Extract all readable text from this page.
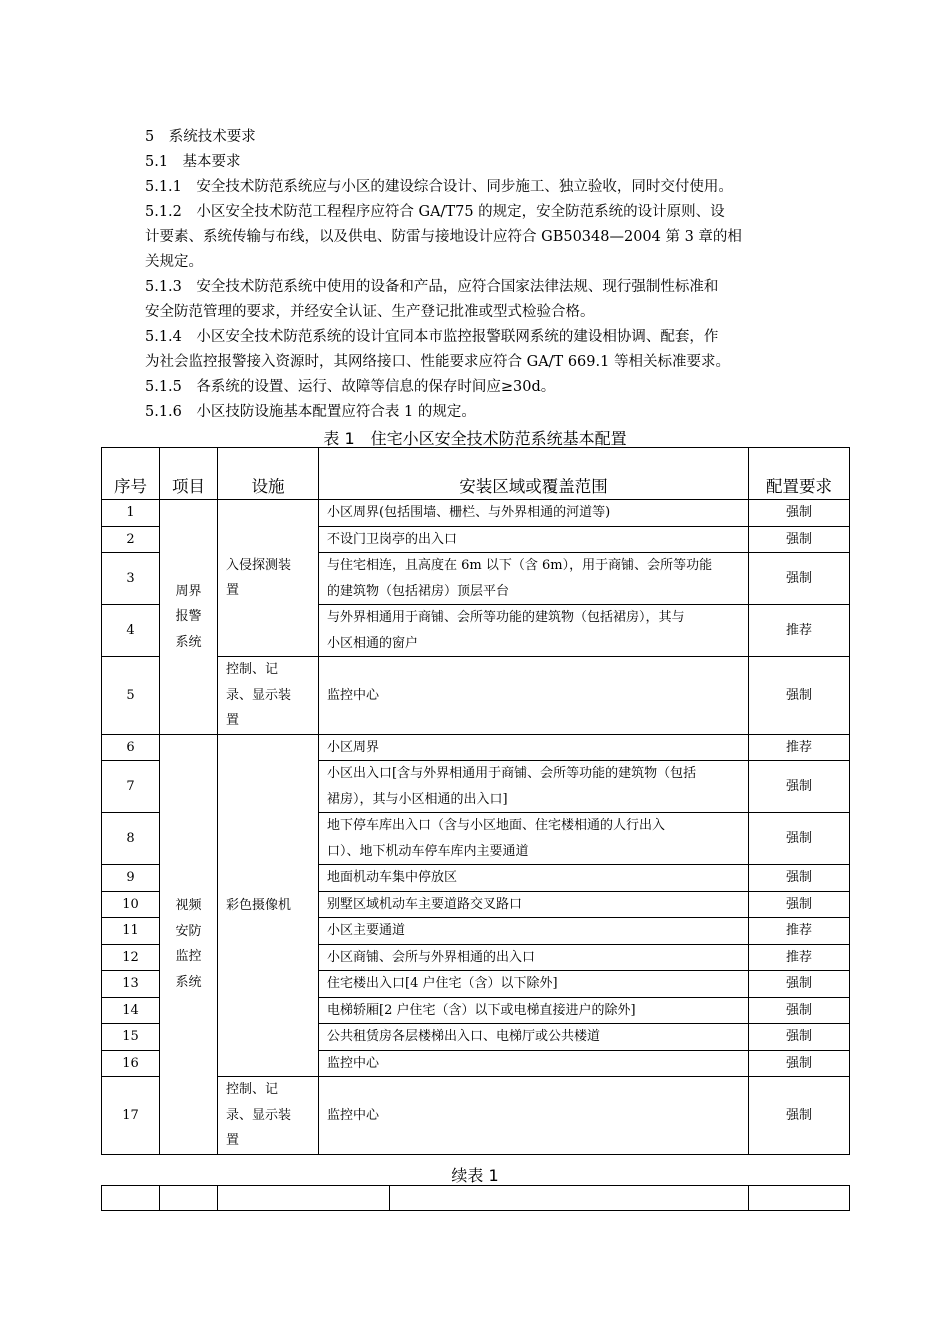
5　系统技术要求
5.1　基本要求
5.1.1　安全技术防范系统应与小区的建设综合设计、同步施工、独立验收，同时交付使用。
5.1.2　小区安全技术防范工程程序应符合 GA/T75 的规定，安全防范系统的设计原则、设
计要素、系统传输与布线，以及供电、防雷与接地设计应符合 GB50348—2004 第 3 章的相
关规定。
5.1.3　安全技术防范系统中使用的设备和产品，应符合国家法律法规、现行强制性标准和
安全防范管理的要求，并经安全认证、生产登记批准或型式检验合格。
5.1.4　小区安全技术防范系统的设计宜同本市监控报警联网系统的建设相协调、配套，作
为社会监控报警接入资源时，其网络接口、性能要求应符合 GA/T 669.1 等相关标准要求。
5.1.5　各系统的设置、运行、故障等信息的保存时间应≥30d。
5.1.6　小区技防设施基本配置应符合表 1 的规定。
表 1　住宅小区安全技术防范系统基本配置
序号	项目	设施	安装区域或覆盖范围	配置要求
1	周界
报警
系统	入侵探测装
置	小区周界(包括围墙、栅栏、与外界相通的河道等)	强制
2			不设门卫岗亭的出入口	强制
3			与住宅相连，且高度在 6m 以下（含 6m），用于商铺、会所等功能
的建筑物（包括裙房）顶层平台	强制
4			与外界相通用于商铺、会所等功能的建筑物（包括裙房），其与
小区相通的窗户	推荐
5		控制、记
录、显示装
置	监控中心	强制
6	视频
安防
监控
系统	彩色摄像机	小区周界	推荐
7			小区出入口[含与外界相通用于商铺、会所等功能的建筑物（包括
裙房），其与小区相通的出入口]	强制
8			地下停车库出入口（含与小区地面、住宅楼相通的人行出入
口）、地下机动车停车库内主要通道	强制
9			地面机动车集中停放区	强制
10			别墅区域机动车主要道路交叉路口	强制
11			小区主要通道	推荐
12			小区商铺、会所与外界相通的出入口	推荐
13			住宅楼出入口[4 户住宅（含）以下除外]	强制
14			电梯轿厢[2 户住宅（含）以下或电梯直接进户的除外]	强制
15			公共租赁房各层楼梯出入口、电梯厅或公共楼道	强制
16			监控中心	强制
17		控制、记
录、显示装
置	监控中心	强制
续表 1
